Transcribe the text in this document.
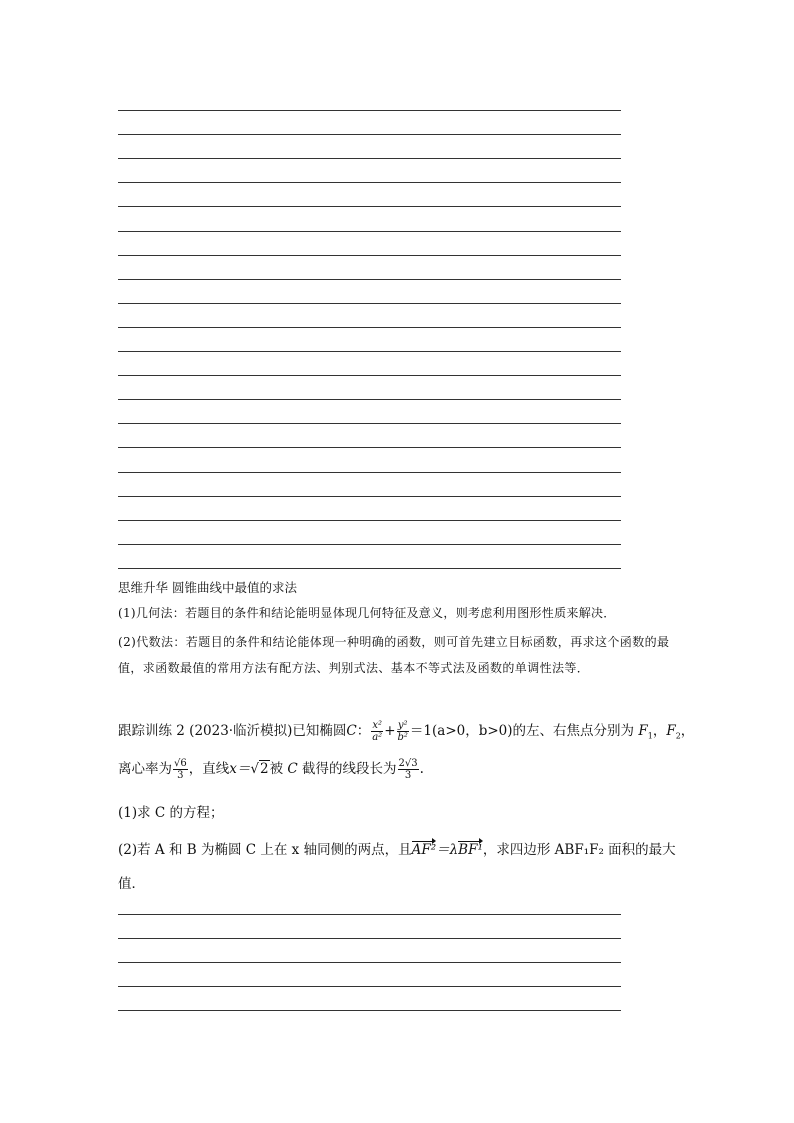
思维升华 圆锥曲线中最值的求法
(1)几何法：若题目的条件和结论能明显体现几何特征及意义，则考虑利用图形性质来解决．
(2)代数法：若题目的条件和结论能体现一种明确的函数，则可首先建立目标函数，再求这个函数的最值，求函数最值的常用方法有配方法、判别式法、基本不等式法及函数的单调性法等．
跟踪训练 2 (2023·临沂模拟)已知椭圆C： $\frac{\text{x²}}{\text{a²}} + \frac{\text{y²}}{\text{b²}} =1(a>0$，b>0)的左、右焦点分别为 $F_1$，$F_2$，
离心率为 $\frac{√6}{3}$ ，直线x＝√2被 C 截得的线段长为 $\frac{2√3}{3}$ .
(1)求 C 的方程；
(2)若 A 和 B 为椭圆 C 上在 x 轴同侧的两点，且AF²＝λBF¹，求四边形 ABF₁F₂ 面积的最大
值．
